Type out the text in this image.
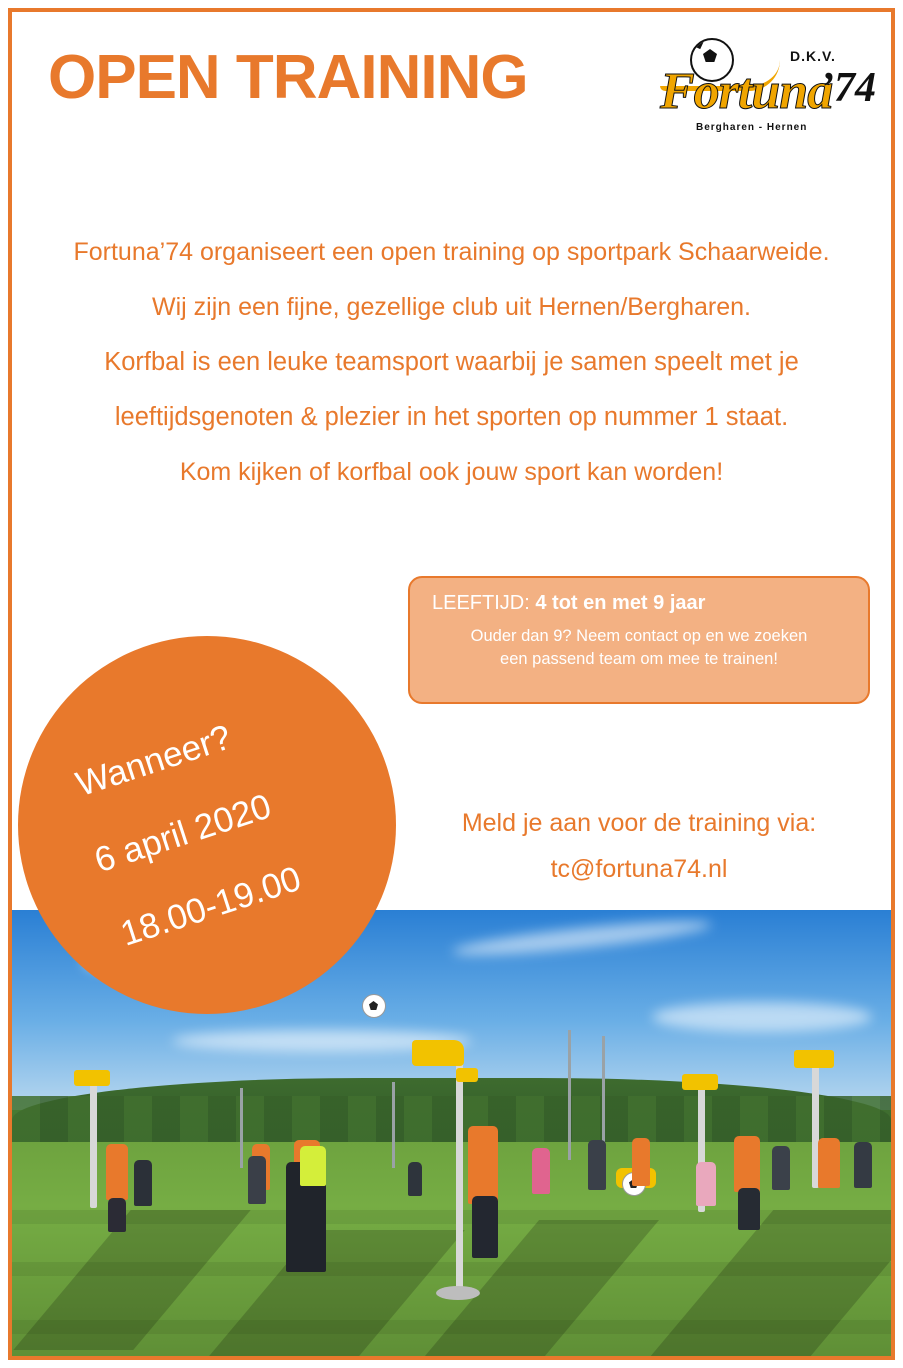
OPEN TRAINING	D.K.V.
Fortuna
’74
Bergharen - Hernen

Fortuna’74 organiseert een open training op sportpark Schaarweide.

Wij zijn een fijne, gezellige club uit Hernen/Bergharen.

Korfbal is een leuke teamsport waarbij je samen speelt met je

leeftijdsgenoten & plezier in het sporten op nummer 1 staat.

Kom kijken of korfbal ook jouw sport kan worden!

LEEFTIJD: 4 tot en met 9 jaar
Ouder dan 9? Neem contact op en we zoeken
een passend team om mee te trainen!
Wanneer?
6 april 2020
18.00-19.00
Meld je aan voor de training via:
tc@fortuna74.nl
